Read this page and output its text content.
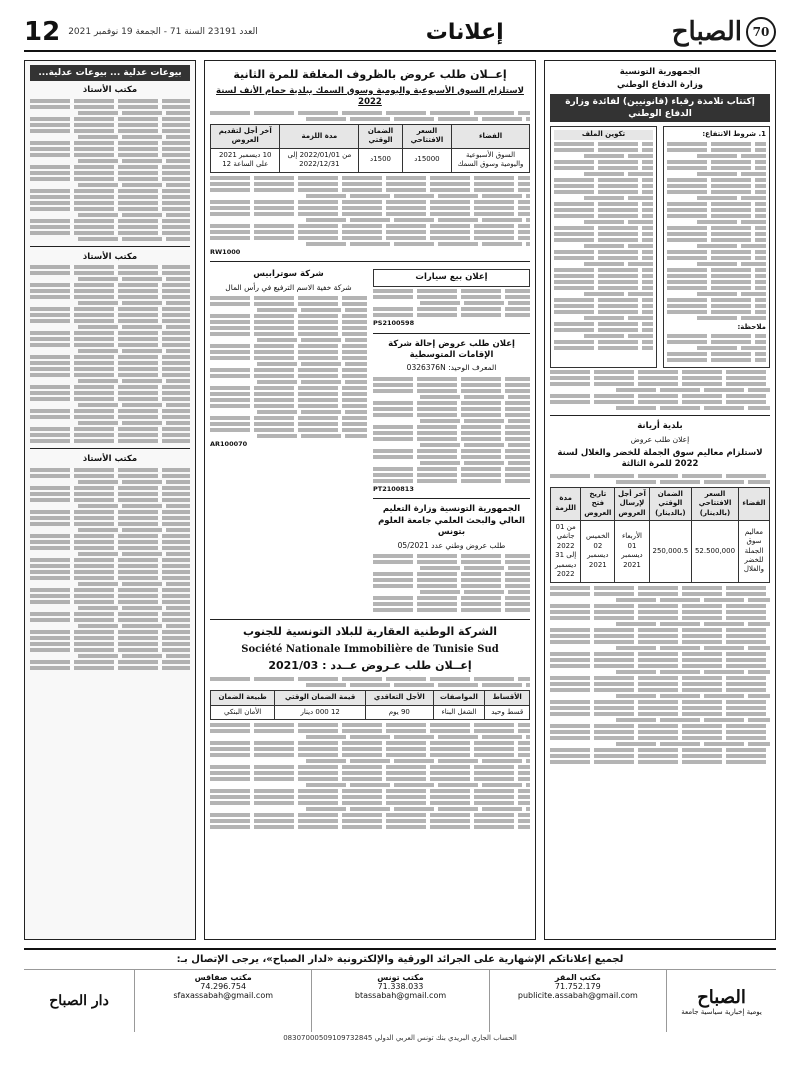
70
الصباح
إعلانات
العدد 23191 السنة 71 - الجمعة 19 نوفمبر 2021
12
الجمهورية التونسية
وزارة الدفاع الوطني
إكتتاب تلامذة رقباء (قانونيين) لفائدة وزارة الدفاع الوطني
1. شروط الانتفاع:
ملاحظة:
تكوين الملف
بلدية أريانة
إعلان طلب عروض
لاستلزام معاليم سوق الجملة للخضر والغلال لسنة 2022 للمرة الثالثة
الفضاء	السعر الافتتاحي (بالدينار)	الضمان الوقتي (بالدينار)	آخر أجل لإرسال العروض	تاريخ فتح العروض	مدة اللزمة
معاليم سوق الجملة للخضر والغلال	52.500,000	250,000.5	الأربعاء 01 ديسمبر 2021	الخميس 02 ديسمبر 2021	من 01 جانفي 2022 إلى 31 ديسمبر 2022
إعــلان طلب عروض بالظروف المغلقة للمرة الثانية
لاستلزام السوق الأسبوعية واليومية وسوق السمك ببلدية حمام الأنف لسنة 2022
الفضاء	السعر الافتتاحي	الضمان الوقتي	مدة اللزمة	آخر أجل لتقديم العروض
السوق الأسبوعية واليومية وسوق السمك	15000د	1500د	من 2022/01/01 إلى 2022/12/31	10 ديسمبر 2021 على الساعة 12
RW1000
إعلان بيع سيارات
PS2100598
إعلان طلب عروض إحالة شركة الإقامات المتوسطية
المعرف الوحيد: 0326376N
PT2100813
الجمهورية التونسية وزارة التعليم العالي والبحث العلمي جامعة العلوم بتونس
طلب عروض وطني عدد 05/2021
شركة سوترابيس
شركة خفية الاسم الترفيع في رأس المال
AR100070
الشركة الوطنية العقارية للبلاد التونسية للجنوب
Société Nationale Immobilière de Tunisie Sud
إعــلان طلب عـروض عــدد : 2021/03
الأقساط	المواصفات	الأجل التعاقدي	قيمة الضمان الوقتي	طبيعة الضمان
قسط وحيد	الشغل البناء	90 يوم	12 000 دينار	الأمان البنكي
بيوعات عدلية ... بيوعات عدلية...
مكتب الأستاذ
مكتب الأستاذ
مكتب الأستاذ
لجميع إعلاناتكم الإشهارية على الجرائد الورقية والإلكترونية «لدار الصباح»، يرجى الإتصال بـ:
الصباح
يومية إخبارية سياسية جامعة
مكتب المقر
71.752.179
publicite.assabah@gmail.com
مكتب تونس
71.338.033
btassabah@gmail.com
مكتب صفاقس
74.296.754
sfaxassabah@gmail.com
دار الصباح
الحساب الجاري البريدي بنك تونس العربي الدولي 08307000509109732845
